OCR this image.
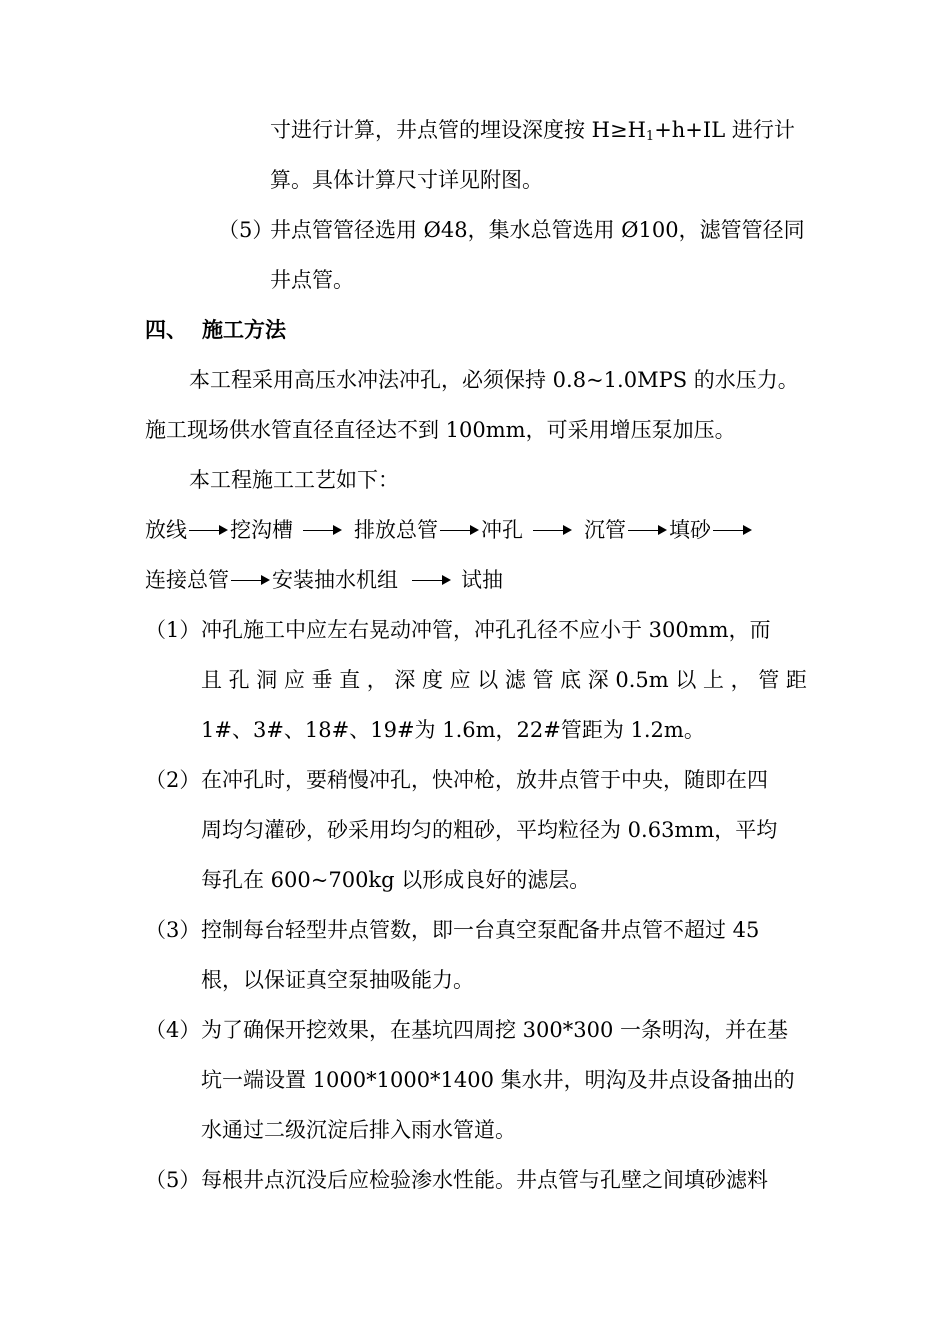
寸进行计算，井点管的埋设深度按 $H\ge H_1+h+IL$ 进行计
算。具体计算尺寸详见附图。
（5）
井点管管径选用 Ø48，集水总管选用 Ø100，滤管管径同
井点管。
四、 施工方法
本工程采用高压水冲法冲孔，必须保持 0.8~1.0MPS 的水压力。
施工现场供水管直径直径达不到 100mm，可采用增压泵加压。
本工程施工工艺如下：
放线 挖沟槽	排放总管 冲孔	沉管 填砂
连接总管 安装抽水机组	试抽
（1） 冲孔施工中应左右晃动冲管，冲孔孔径不应小于 300mm，而
且 孔 洞 应 垂 直 ， 深 度 应 以 滤 管 底 深 0.5m 以 上 ， 管 距
1#、3#、18#、19#为 1.6m，22#管距为 1.2m。
（2） 在冲孔时，要稍慢冲孔，快冲枪，放井点管于中央，随即在四
周均匀灌砂，砂采用均匀的粗砂，平均粒径为 0.63mm，平均
每孔在 600~700kg 以形成良好的滤层。
（3） 控制每台轻型井点管数，即一台真空泵配备井点管不超过 45
根，以保证真空泵抽吸能力。
（4） 为了确保开挖效果，在基坑四周挖 300*300 一条明沟，并在基
坑一端设置 1000*1000*1400 集水井，明沟及井点设备抽出的
水通过二级沉淀后排入雨水管道。
（5） 每根井点沉没后应检验渗水性能。井点管与孔壁之间填砂滤料
